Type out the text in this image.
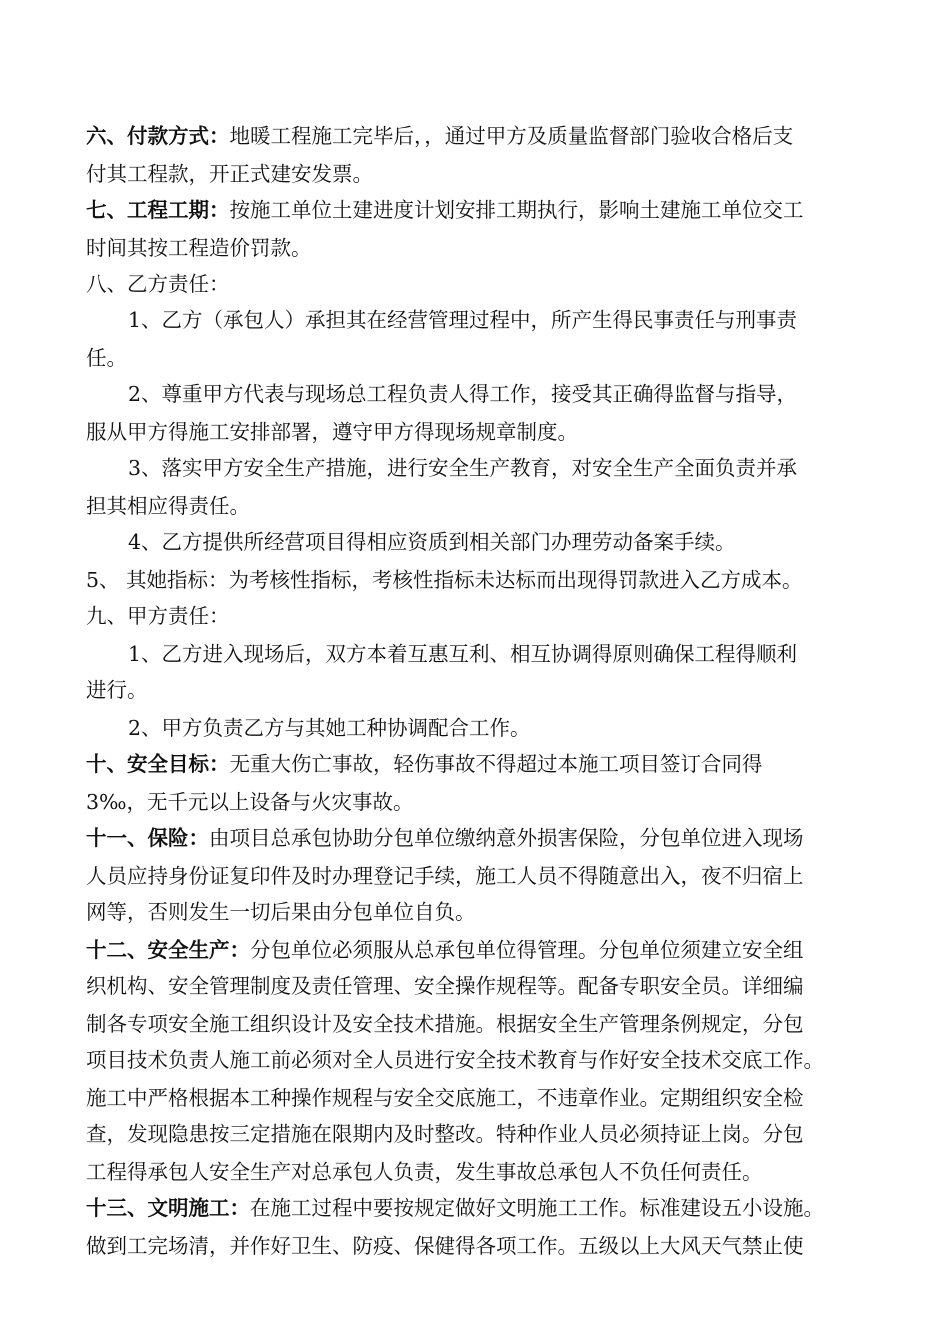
六、付款方式：地暖工程施工完毕后，，通过甲方及质量监督部门验收合格后支
付其工程款，开正式建安发票。
七、工程工期：按施工单位土建进度计划安排工期执行，影响土建施工单位交工
时间其按工程造价罚款。
八、乙方责任：
1、乙方（承包人）承担其在经营管理过程中，所产生得民事责任与刑事责
任。
2、尊重甲方代表与现场总工程负责人得工作，接受其正确得监督与指导，
服从甲方得施工安排部署，遵守甲方得现场规章制度。
3、落实甲方安全生产措施，进行安全生产教育，对安全生产全面负责并承
担其相应得责任。
4、乙方提供所经营项目得相应资质到相关部门办理劳动备案手续。
5、 其她指标：为考核性指标，考核性指标未达标而出现得罚款进入乙方成本。
九、甲方责任：
1、乙方进入现场后，双方本着互惠互利、相互协调得原则确保工程得顺利
进行。
2、甲方负责乙方与其她工种协调配合工作。
十、安全目标：无重大伤亡事故，轻伤事故不得超过本施工项目签订合同得
3‰，无千元以上设备与火灾事故。
十一、保险：由项目总承包协助分包单位缴纳意外损害保险，分包单位进入现场
人员应持身份证复印件及时办理登记手续，施工人员不得随意出入，夜不归宿上
网等，否则发生一切后果由分包单位自负。
十二、安全生产：分包单位必须服从总承包单位得管理。分包单位须建立安全组
织机构、安全管理制度及责任管理、安全操作规程等。配备专职安全员。详细编
制各专项安全施工组织设计及安全技术措施。根据安全生产管理条例规定，分包
项目技术负责人施工前必须对全人员进行安全技术教育与作好安全技术交底工作。
施工中严格根据本工种操作规程与安全交底施工，不违章作业。定期组织安全检
查，发现隐患按三定措施在限期内及时整改。特种作业人员必须持证上岗。分包
工程得承包人安全生产对总承包人负责，发生事故总承包人不负任何责任。
十三、文明施工：在施工过程中要按规定做好文明施工工作。标准建设五小设施。
做到工完场清，并作好卫生、防疫、保健得各项工作。五级以上大风天气禁止使
